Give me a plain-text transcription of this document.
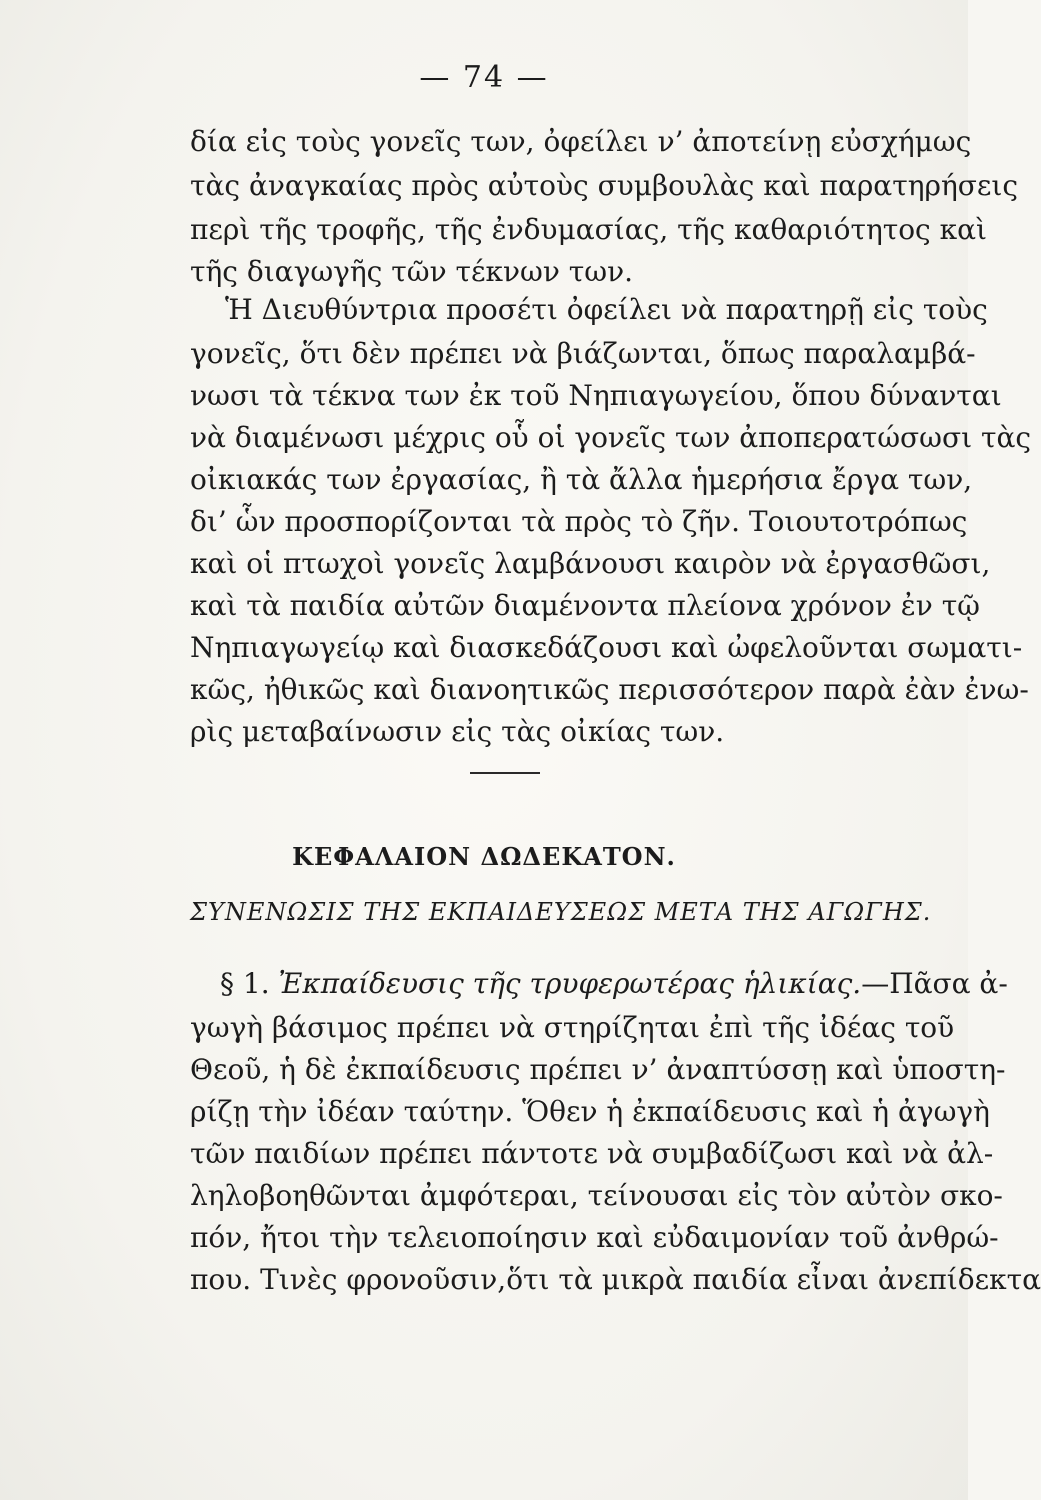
— 74 —
δία εἰς τοὺς γονεῖς των, ὀφείλει ν’ ἀποτείνῃ εὐσχήμως
τὰς ἀναγκαίας πρὸς αὐτοὺς συμβουλὰς καὶ παρατηρήσεις
περὶ τῆς τροφῆς, τῆς ἐνδυμασίας, τῆς καθαριότητος καὶ
τῆς διαγωγῆς τῶν τέκνων των.
Ἡ Διευθύντρια προσέτι ὀφείλει νὰ παρατηρῇ εἰς τοὺς
γονεῖς, ὅτι δὲν πρέπει νὰ βιάζωνται, ὅπως παραλαμβά-
νωσι τὰ τέκνα των ἐκ τοῦ Νηπιαγωγείου, ὅπου δύνανται
νὰ διαμένωσι μέχρις οὗ οἱ γονεῖς των ἀποπερατώσωσι τὰς
οἰκιακάς των ἐργασίας, ἢ τὰ ἄλλα ἡμερήσια ἔργα των,
δι’ ὧν προσπορίζονται τὰ πρὸς τὸ ζῆν. Τοιουτοτρόπως
καὶ οἱ πτωχοὶ γονεῖς λαμβάνουσι καιρὸν νὰ ἐργασθῶσι,
καὶ τὰ παιδία αὐτῶν διαμένοντα πλείονα χρόνον ἐν τῷ
Νηπιαγωγείῳ καὶ διασκεδάζουσι καὶ ὠφελοῦνται σωματι-
κῶς, ἠθικῶς καὶ διανοητικῶς περισσότερον παρὰ ἐὰν ἐνω-
ρὶς μεταβαίνωσιν εἰς τὰς οἰκίας των.
ΚΕΦΑΛΑΙΟΝ ΔΩΔΕΚΑΤΟΝ.
ΣΥΝΕΝΩΣΙΣ ΤΗΣ ΕΚΠΑΙΔΕΥΣΕΩΣ ΜΕΤΑ ΤΗΣ ΑΓΩΓΗΣ.
§ 1. Ἐκπαίδευσις τῆς τρυφερωτέρας ἡλικίας.—Πᾶσα ἀ-
γωγὴ βάσιμος πρέπει νὰ στηρίζηται ἐπὶ τῆς ἰδέας τοῦ
Θεοῦ, ἡ δὲ ἐκπαίδευσις πρέπει ν’ ἀναπτύσσῃ καὶ ὑποστη-
ρίζῃ τὴν ἰδέαν ταύτην. Ὅθεν ἡ ἐκπαίδευσις καὶ ἡ ἀγωγὴ
τῶν παιδίων πρέπει πάντοτε νὰ συμβαδίζωσι καὶ νὰ ἀλ-
ληλοβοηθῶνται ἀμφότεραι, τείνουσαι εἰς τὸν αὐτὸν σκο-
πόν, ἤτοι τὴν τελειοποίησιν καὶ εὐδαιμονίαν τοῦ ἀνθρώ-
που. Τινὲς φρονοῦσιν,ὅτι τὰ μικρὰ παιδία εἶναι ἀνεπίδεκτα
